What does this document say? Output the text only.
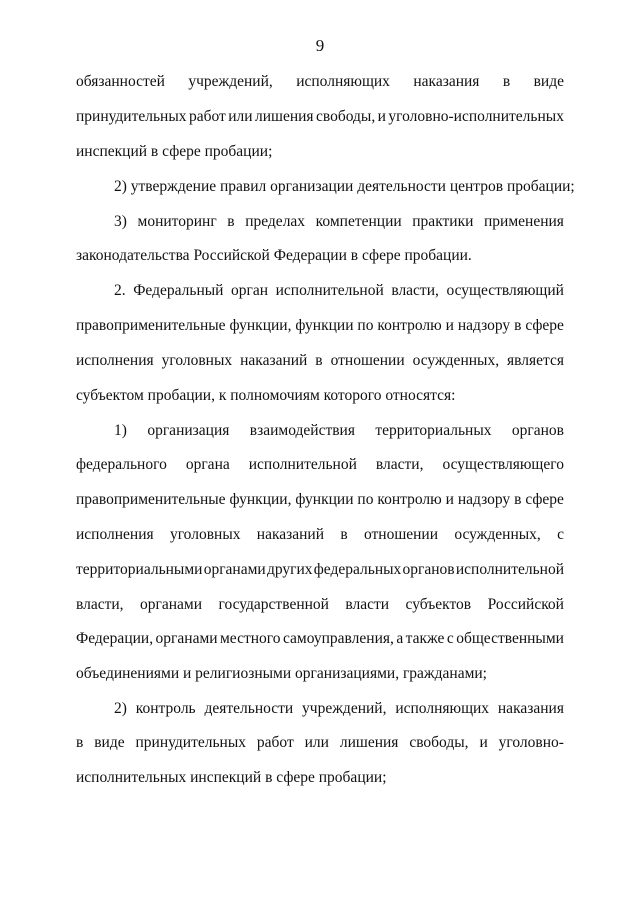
9
обязанностей учреждений, исполняющих наказания в виде
принудительных работ или лишения свободы, и уголовно-исполнительных
инспекций в сфере пробации;
2) утверждение правил организации деятельности центров пробации;
3) мониторинг в пределах компетенции практики применения
законодательства Российской Федерации в сфере пробации.
2. Федеральный орган исполнительной власти, осуществляющий
правоприменительные функции, функции по контролю и надзору в сфере
исполнения уголовных наказаний в отношении осужденных, является
субъектом пробации, к полномочиям которого относятся:
1) организация взаимодействия территориальных органов
федерального органа исполнительной власти, осуществляющего
правоприменительные функции, функции по контролю и надзору в сфере
исполнения уголовных наказаний в отношении осужденных, с
территориальными органами других федеральных органов исполнительной
власти, органами государственной власти субъектов Российской
Федерации, органами местного самоуправления, а также с общественными
объединениями и религиозными организациями, гражданами;
2) контроль деятельности учреждений, исполняющих наказания
в виде принудительных работ или лишения свободы, и уголовно-
исполнительных инспекций в сфере пробации;
